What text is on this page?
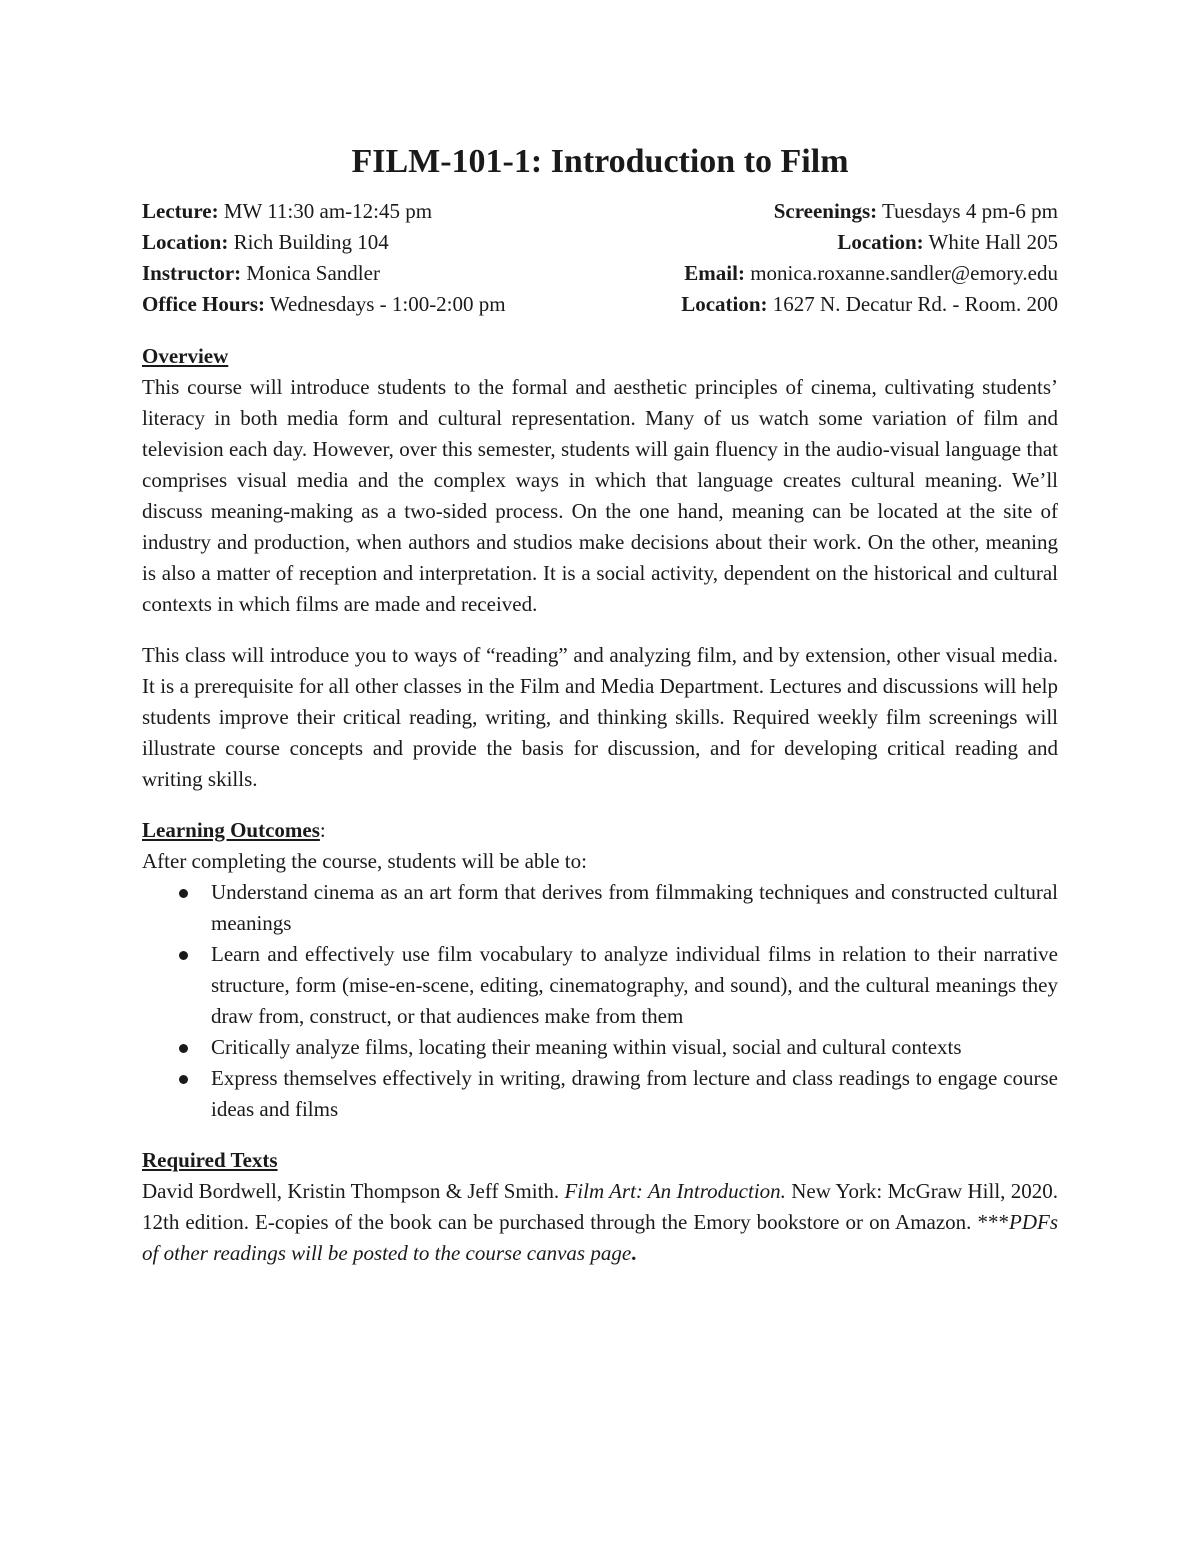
FILM-101-1: Introduction to Film
Lecture: MW 11:30 am-12:45 pm	Screenings: Tuesdays 4 pm-6 pm
Location: Rich Building 104	Location: White Hall 205
Instructor: Monica Sandler	Email: monica.roxanne.sandler@emory.edu
Office Hours: Wednesdays - 1:00-2:00 pm	Location: 1627 N. Decatur Rd. - Room. 200

Overview

This course will introduce students to the formal and aesthetic principles of cinema, cultivating students’ literacy in both media form and cultural representation. Many of us watch some variation of film and television each day. However, over this semester, students will gain fluency in the audio-visual language that comprises visual media and the complex ways in which that language creates cultural meaning. We’ll discuss meaning-making as a two-sided process. On the one hand, meaning can be located at the site of industry and production, when authors and studios make decisions about their work. On the other, meaning is also a matter of reception and interpretation. It is a social activity, dependent on the historical and cultural contexts in which films are made and received.

This class will introduce you to ways of “reading” and analyzing film, and by extension, other visual media. It is a prerequisite for all other classes in the Film and Media Department. Lectures and discussions will help students improve their critical reading, writing, and thinking skills. Required weekly film screenings will illustrate course concepts and provide the basis for discussion, and for developing critical reading and writing skills.

Learning Outcomes:

After completing the course, students will be able to:

Understand cinema as an art form that derives from filmmaking techniques and constructed cultural meanings
Learn and effectively use film vocabulary to analyze individual films in relation to their narrative structure, form (mise-en-scene, editing, cinematography, and sound), and the cultural meanings they draw from, construct, or that audiences make from them
Critically analyze films, locating their meaning within visual, social and cultural contexts
Express themselves effectively in writing, drawing from lecture and class readings to engage course ideas and films

Required Texts

David Bordwell, Kristin Thompson & Jeff Smith. Film Art: An Introduction. New York: McGraw Hill, 2020. 12th edition. E-copies of the book can be purchased through the Emory bookstore or on Amazon. ***PDFs of other readings will be posted to the course canvas page.
